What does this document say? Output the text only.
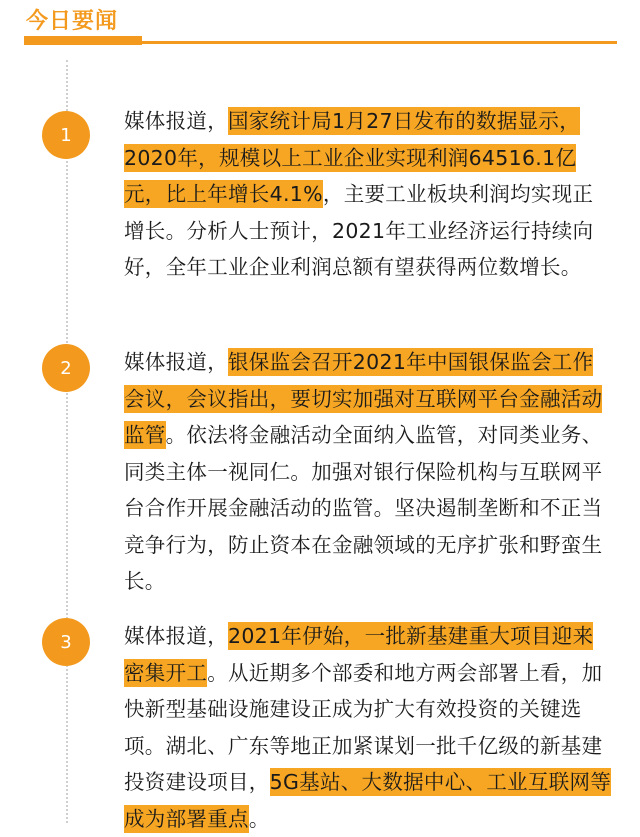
今日要闻
1

媒体报道，国家统计局1月27日发布的数据显示，2020年，规模以上工业企业实现利润64516.1亿元，比上年增长4.1%，主要工业板块利润均实现正增长。分析人士预计，2021年工业经济运行持续向好，全年工业企业利润总额有望获得两位数增长。

2	媒体报道，银保监会召开2021年中国银保监会工作会议，会议指出，要切实加强对互联网平台金融活动监管。依法将金融活动全面纳入监管，对同类业务、同类主体一视同仁。加强对银行保险机构与互联网平台合作开展金融活动的监管。坚决遏制垄断和不正当竞争行为，防止资本在金融领域的无序扩张和野蛮生长。

3	媒体报道，2021年伊始，一批新基建重大项目迎来密集开工。从近期多个部委和地方两会部署上看，加快新型基础设施建设正成为扩大有效投资的关键选项。湖北、广东等地正加紧谋划一批千亿级的新基建投资建设项目，5G基站、大数据中心、工业互联网等成为部署重点。
